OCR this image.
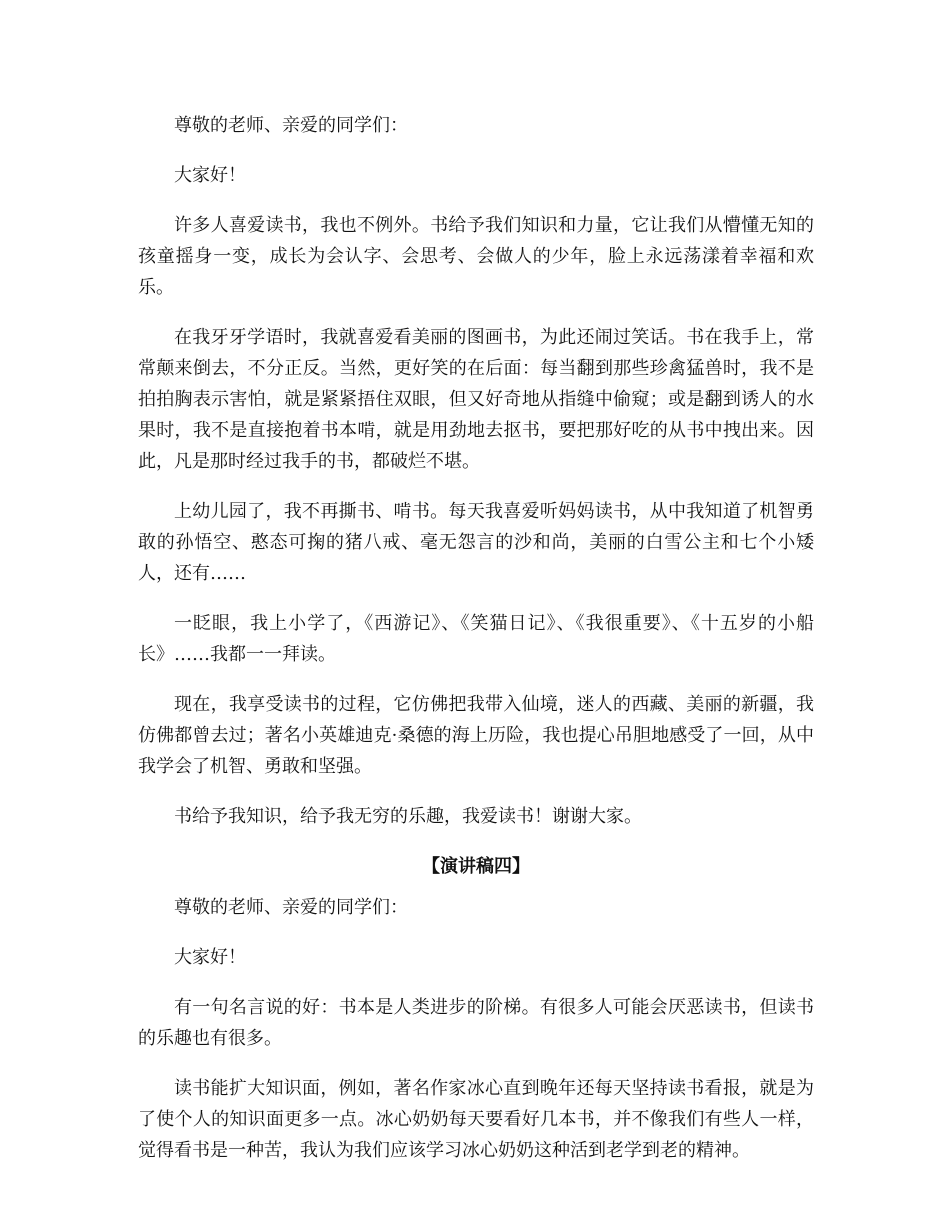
尊敬的老师、亲爱的同学们：

大家好！

许多人喜爱读书，我也不例外。书给予我们知识和力量，它让我们从懵懂无知的孩童摇身一变，成长为会认字、会思考、会做人的少年，脸上永远荡漾着幸福和欢乐。

在我牙牙学语时，我就喜爱看美丽的图画书，为此还闹过笑话。书在我手上，常常颠来倒去，不分正反。当然，更好笑的在后面：每当翻到那些珍禽猛兽时，我不是拍拍胸表示害怕，就是紧紧捂住双眼，但又好奇地从指缝中偷窥；或是翻到诱人的水果时，我不是直接抱着书本啃，就是用劲地去抠书，要把那好吃的从书中拽出来。因此，凡是那时经过我手的书，都破烂不堪。

上幼儿园了，我不再撕书、啃书。每天我喜爱听妈妈读书，从中我知道了机智勇敢的孙悟空、憨态可掬的猪八戒、毫无怨言的沙和尚，美丽的白雪公主和七个小矮人，还有……

一眨眼，我上小学了，《西游记》、《笑猫日记》、《我很重要》、《十五岁的小船长》……我都一一拜读。

现在，我享受读书的过程，它仿佛把我带入仙境，迷人的西藏、美丽的新疆，我仿佛都曾去过；著名小英雄迪克·桑德的海上历险，我也提心吊胆地感受了一回，从中我学会了机智、勇敢和坚强。

书给予我知识，给予我无穷的乐趣，我爱读书！谢谢大家。

【演讲稿四】

尊敬的老师、亲爱的同学们：

大家好！

有一句名言说的好：书本是人类进步的阶梯。有很多人可能会厌恶读书，但读书的乐趣也有很多。

读书能扩大知识面，例如，著名作家冰心直到晚年还每天坚持读书看报，就是为了使个人的知识面更多一点。冰心奶奶每天要看好几本书，并不像我们有些人一样，觉得看书是一种苦，我认为我们应该学习冰心奶奶这种活到老学到老的精神。
